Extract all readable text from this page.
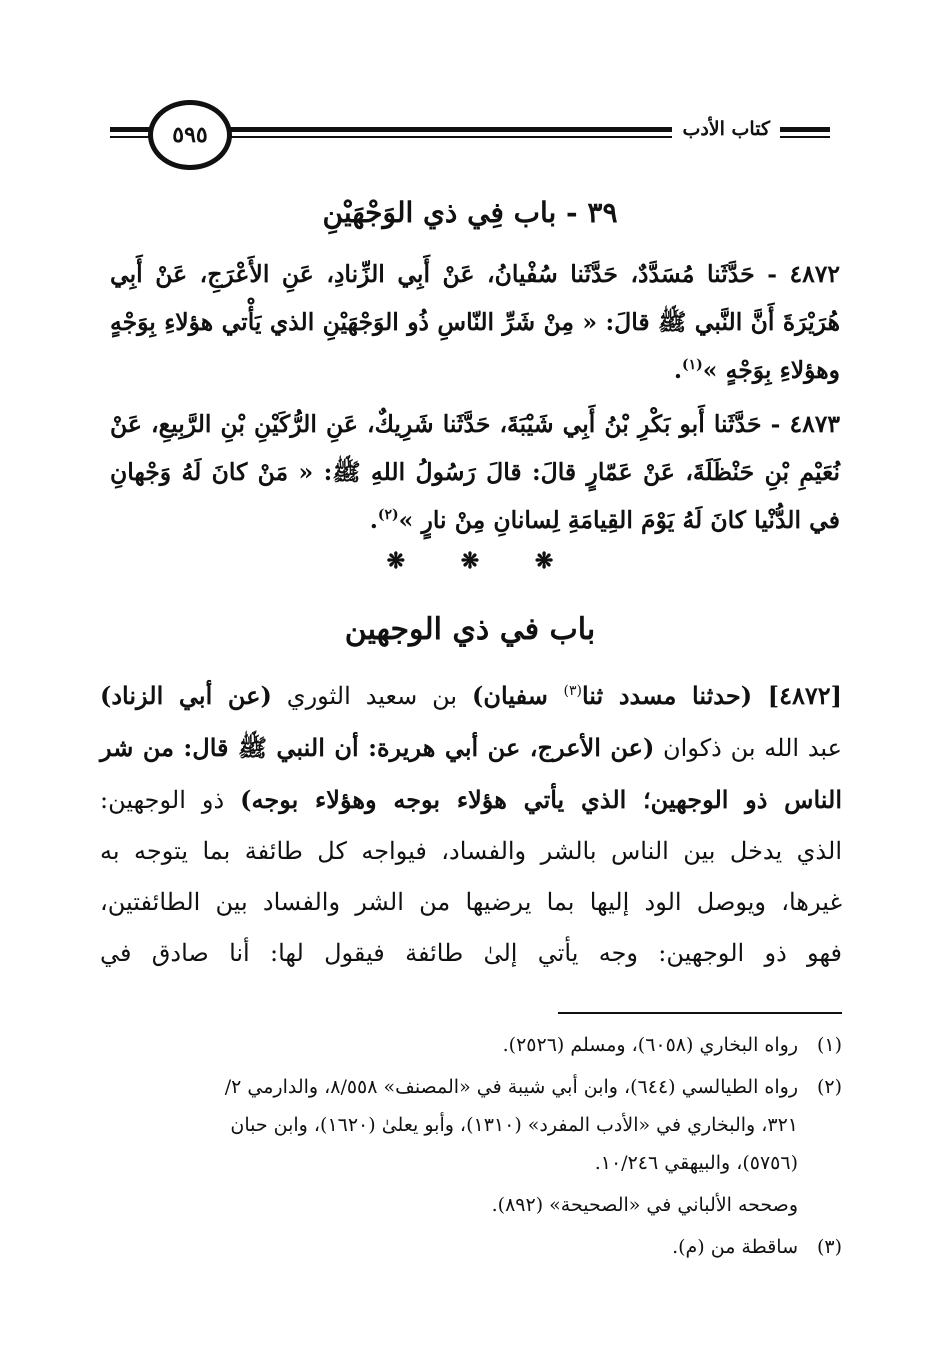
كتاب الأدب
٥٩٥
٣٩ - باب فِي ذي الوَجْهَيْنِ

٤٨٧٢ - حَدَّثَنا مُسَدَّدٌ، حَدَّثَنا سُفْيانُ، عَنْ أَبِي الزِّنادِ، عَنِ الأَعْرَجِ، عَنْ أَبِي هُرَيْرَةَ أَنَّ النَّبي ﷺ قالَ: « مِنْ شَرِّ النّاسِ ذُو الوَجْهَيْنِ الذي يَأْتي هؤلاءِ بِوَجْهٍ وهؤلاءِ بِوَجْهٍ »$^{(١)}$.

٤٨٧٣ - حَدَّثَنا أَبو بَكْرِ بْنُ أَبِي شَيْبَةَ، حَدَّثَنا شَرِيكٌ، عَنِ الرُّكَيْنِ بْنِ الرَّبِيعِ، عَنْ نُعَيْمِ بْنِ حَنْظَلَةَ، عَنْ عَمّارٍ قالَ: قالَ رَسُولُ اللهِ ﷺ: « مَنْ كانَ لَهُ وَجْهانِ في الدُّنْيا كانَ لَهُ يَوْمَ القِيامَةِ لِسانانِ مِنْ نارٍ »$^{(٢)}$.

❋ ❋ ❋
باب في ذي الوجهين

[٤٨٧٢] (حدثنا مسدد ثنا$^{(٣)}$ سفيان) بن سعيد الثوري (عن أبي الزناد)

عبد الله بن ذكوان (عن الأعرج، عن أبي هريرة: أن النبي ﷺ قال: من شر

الناس ذو الوجهين؛ الذي يأتي هؤلاء بوجه وهؤلاء بوجه) ذو الوجهين:

الذي يدخل بين الناس بالشر والفساد، فيواجه كل طائفة بما يتوجه به

غيرها، ويوصل الود إليها بما يرضيها من الشر والفساد بين الطائفتين،

فهو ذو الوجهين: وجه يأتي إلىٰ طائفة فيقول لها: أنا صادق في

(١)
رواه البخاري (٦٠٥٨)، ومسلم (٢٥٢٦).
(٢)
رواه الطيالسي (٦٤٤)، وابن أبي شيبة في «المصنف» ٨/٥٥٨، والدارمي ٢/
٣٢١، والبخاري في «الأدب المفرد» (١٣١٠)، وأبو يعلىٰ (١٦٢٠)، وابن حبان
(٥٧٥٦)، والبيهقي ١٠/٢٤٦.
وصححه الألباني في «الصحيحة» (٨٩٢).
(٣)
ساقطة من (م).
